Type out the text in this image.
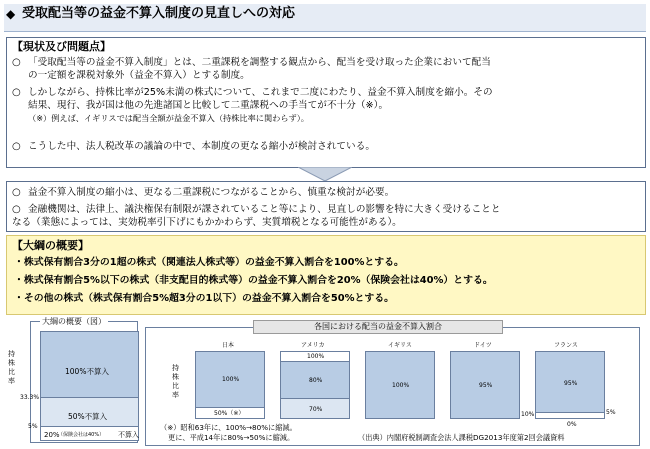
◆ 受取配当等の益金不算入制度の見直しへの対応
【現状及び問題点】
○ 「受取配当等の益金不算入制度」とは、二重課税を調整する観点から、配当を受け取った企業において配当
の一定額を課税対象外（益金不算入）とする制度。
○ しかしながら、持株比率が25%未満の株式について、これまで二度にわたり、益金不算入制度を縮小。その
結果、現行、我が国は他の先進諸国と比較して二重課税への手当てが不十分（※）。
（※）例えば、イギリスでは配当全額が益金不算入（持株比率に関わらず）。
○ こうした中、法人税改革の議論の中で、本制度の更なる縮小が検討されている。
○ 益金不算入制度の縮小は、更なる二重課税につながることから、慎重な検討が必要。
○ 金融機関は、法律上、議決権保有制限が課されていること等により、見直しの影響を特に大きく受けることと
なる（業態によっては、実効税率引下げにもかかわらず、実質増税となる可能性がある）。
【大綱の概要】
・株式保有割合3分の1超の株式（関連法人株式等）の益金不算入割合を100%とする。
・株式保有割合5%以下の株式（非支配目的株式等）の益金不算入割合を20%（保険会社は40%）とする。
・その他の株式（株式保有割合5%超3分の1以下）の益金不算入割合を50%とする。
大綱の概要（図）
持株比率
100%不算入
50%不算入
20%
（保険会社は40%） 不算入
33.3%
5%
各国における配当の益金不算入割合
持株比率
日本	アメリカ	イギリス	ドイツ	フランス
100%
50%（※）
100%
80%
70%
100%	95%
10%
95%
5%
0%
（※）昭和63年に、100%→80%に縮減。
更に、平成14年に80%→50%に縮減。	（出典）内閣府税制調査会法人課税DG2013年度第2回会議資料
